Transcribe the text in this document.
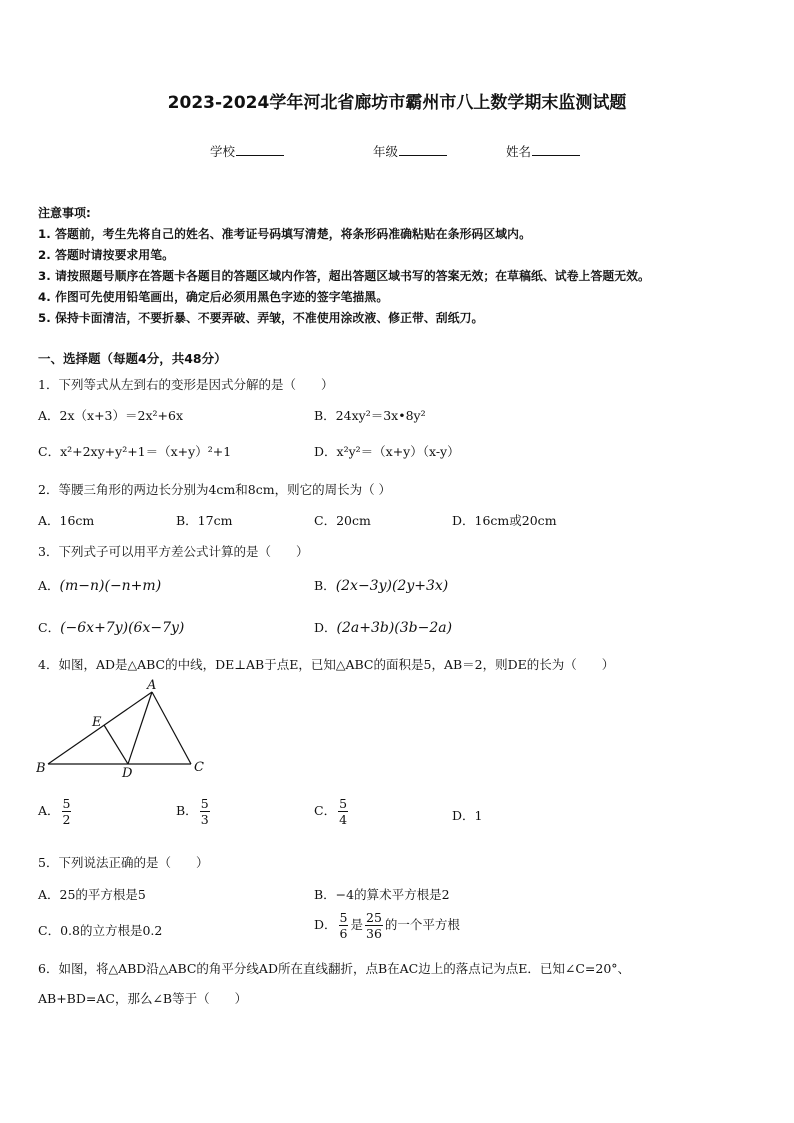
2023-2024学年河北省廊坊市霸州市八上数学期末监测试题
学校	年级	姓名
注意事项:
1. 答题前，考生先将自己的姓名、准考证号码填写清楚，将条形码准确粘贴在条形码区域内。
2. 答题时请按要求用笔。
3. 请按照题号顺序在答题卡各题目的答题区域内作答，超出答题区域书写的答案无效；在草稿纸、试卷上答题无效。
4. 作图可先使用铅笔画出，确定后必须用黑色字迹的签字笔描黑。
5. 保持卡面清洁，不要折暴、不要弄破、弄皱，不准使用涂改液、修正带、刮纸刀。
一、选择题（每题4分，共48分）
1．下列等式从左到右的变形是因式分解的是（　　）
A．2x（x+3）＝2x²+6x	B．24xy²＝3x•8y²
C．x²+2xy+y²+1＝（x+y）²+1	D．x²y²＝（x+y）（x-y）
2．等腰三角形的两边长分别为4cm和8cm，则它的周长为（ ）
A．16cm	B．17cm	C．20cm	D．16cm或20cm
3．下列式子可以用平方差公式计算的是（　　）
A．(m−n)(−n+m)	B．(2x−3y)(2y+3x)
C．(−6x+7y)(6x−7y)	D．(2a+3b)(3b−2a)
4．如图，AD是△ABC的中线，DE⊥AB于点E，已知△ABC的面积是5，AB＝2，则DE的长为（　　）
A
E
B	D	C
A． $\frac{5}{2}$	B． $\frac{5}{3}$	C． $\frac{5}{4}$	D．1
5．下列说法正确的是（　　）
A．25的平方根是5	B．−4的算术平方根是2
C．0.8的立方根是0.2	D． $\frac{5}{6}$ 是 $\frac{25}{36}$ 的一个平方根
6．如图，将△ABD沿△ABC的角平分线AD所在直线翻折，点B在AC边上的落点记为点E．已知∠C=20°、
AB+BD=AC，那么∠B等于（　　）
